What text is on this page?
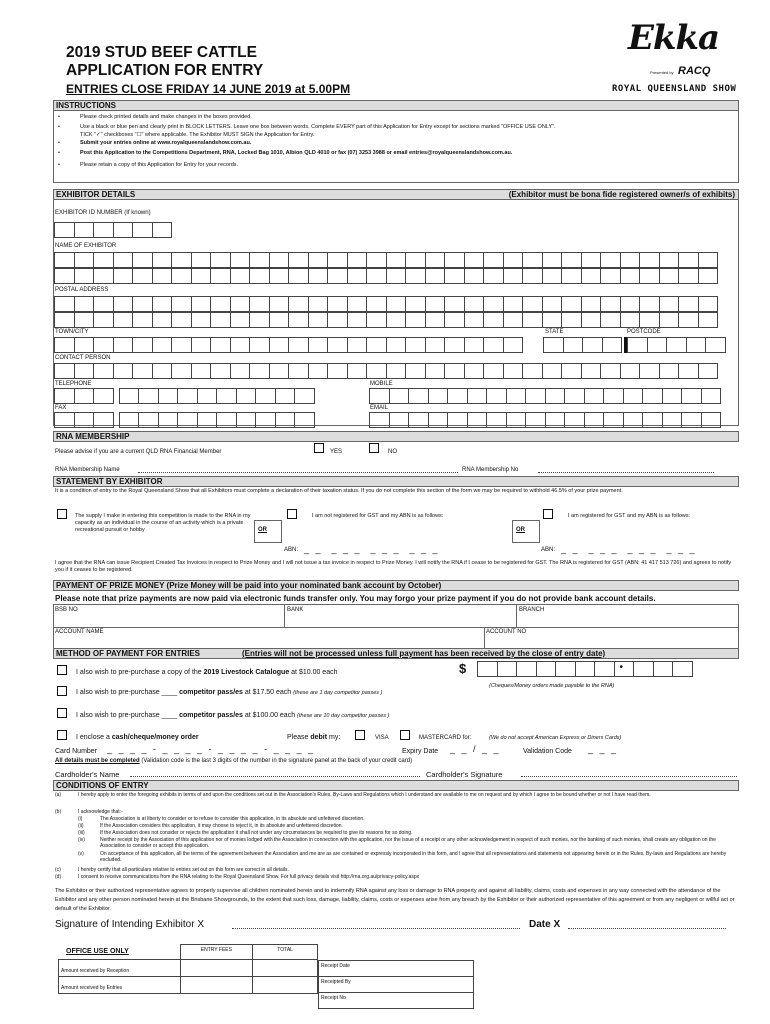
2019 STUD BEEF CATTLE
APPLICATION FOR ENTRY
ENTRIES CLOSE FRIDAY 14 JUNE 2019 at 5.00PM
Ekka
Presented by RACQ
ROYAL QUEENSLAND SHOW
INSTRUCTIONS
•	Please check printed details and make changes in the boxes provided.
•	Use a black or blue pen and clearly print in BLOCK LETTERS. Leave one box between words. Complete EVERY part of this Application for Entry except for sections marked "OFFICE USE ONLY".
•	Submit your entries online at www.royalqueenslandshow.com.au.
•	Post this Application to the Competitions Department, RNA, Locked Bag 1010, Albion QLD 4010 or fax (07) 3253 3988 or email entries@royalqueenslandshow.com.au.
•	Please retain a copy of this Application for Entry for your records.
TICK "✓" checkboxes "☐" where applicable. The Exhibitor MUST SIGN the Application for Entry.
EXHIBITOR DETAILS	(Exhibitor must be bona fide registered owner/s of exhibits)
EXHIBITOR ID NUMBER (If known)
NAME OF EXHIBITOR
POSTAL ADDRESS
TOWN/CITY	STATE	POSTCODE
CONTACT PERSON
TELEPHONE	MOBILE
FAX	EMAIL
RNA MEMBERSHIP
Please advise if you are a current QLD RNA Financial Member	YES	NO
RNA Membership Name	RNA Membership No
STATEMENT BY EXHIBITOR
It is a condition of entry to the Royal Queensland Show that all Exhibitors must complete a declaration of their taxation status. If you do not complete this section of the form we may be required to withhold 46.5% of your prize payment.
The supply I make in entering this competition is made to the RNA in my capacity as an individual in the course of an activity which is a private recreational pursuit or hobby	OR
I am not registered for GST and my ABN is as follows:
OR
I am registered for GST and my ABN is as follows:
ABN: _ _  _ _ _  _ _ _  _ _ _	ABN: _ _  _ _ _  _ _ _  _ _ _
I agree that the RNA can issue Recipient Created Tax Invoices in respect to Prize Money and I will not issue a tax invoice in respect to Prize Money. I will notify the RNA if I cease to be registered for GST. The RNA is registered for GST (ABN: 41 417 513 726) and agrees to notify you if it ceases to be registered.
PAYMENT OF PRIZE MONEY (Prize Money will be paid into your nominated bank account by October)
Please note that prize payments are now paid via electronic funds transfer only. You may forgo your prize payment if you do not provide bank account details.
BSB NO	BANK	BRANCH
ACCOUNT NAME	ACCOUNT NO
METHOD OF PAYMENT FOR ENTRIES	(Entries will not be processed unless full payment has been received by the close of entry date)
I also wish to pre-purchase a copy of the 2019 Livestock Catalogue at $10.00 each	$	•
I also wish to pre-purchase ____ competitor pass/es at $17.50 each (these are 1 day competitor passes )
(Cheques/Money orders made payable to the RNA)
I also wish to pre-purchase ____ competitor pass/es at $100.00 each (these are 10 day competitor passes )
I enclose a cash/cheque/money order	Please debit my:	VISA	MASTERCARD for:	(We do not accept American Express or Diners Cards)
Card Number _ _ _ _ - _ _ _ _ - _ _ _ _ - _ _ _ _	Expiry Date _ _ / _ _	Validation Code _ _ _
All details must be completed (Validation code is the last 3 digits of the number in the signature panel at the back of your credit card)
Cardholder's Name	Cardholder's Signature
CONDITIONS OF ENTRY
(a)	I hereby apply to enter the foregoing exhibits in terms of and upon the conditions set out in the Association's Rules, By-Laws and Regulations which I understand are available to me on request and by which I agree to be bound whether or not I have read them.
(b)	I acknowledge that:-
(i)	The Association is at liberty to consider or to refuse to consider this application, in its absolute and unfettered discretion.
(ii)	If the Association considers this application, it may choose to reject it, in its absolute and unfettered discretion.
(iii)	If the Association does not consider or rejects the application it shall not under any circumstances be required to give its reasons for so doing.
(iv)	Neither receipt by the Association of this application nor of monies lodged with the Association in connection with the application, nor the issue of a receipt or any other acknowledgement in respect of such monies, nor the banking of such monies, shall create any obligation on the Association to consider or accept this application.
(v)	On acceptance of this application, all the terms of the agreement between the Association and me are as are contained or expressly incorporated in this form, and I agree that all representations and statements not appearing herein or in the Rules, By-laws and Regulations are hereby excluded.
(c)	I hereby certify that all particulars relative to entries set out on this form are correct in all details.
(d)	I consent to receive communications from the RNA relating to the Royal Queensland Show. For full privacy details visit http://rna.org.au/privacy-policy.aspx
The Exhibitor or their authorized representative agrees to properly supervise all children nominated herein and to indemnify RNA against any loss or damage to RNA property and against all liability, claims, costs and expenses in any way connected with the attendance of the Exhibitor and any other person nominated herein at the Brisbane Showgrounds, to the extent that such loss, damage, liability, claims, costs or expenses arise from any breach by the Exhibitor or their authorized representative of this agreement or from any negligent or willful act or default of the Exhibitor.
Signature of Intending Exhibitor X	Date X
OFFICE USE ONLY
		ENTRY FEES	TOTAL

Amount received by Reception		

Amount received by Entries		

Receipt Date
Receipted By
Receipt No
